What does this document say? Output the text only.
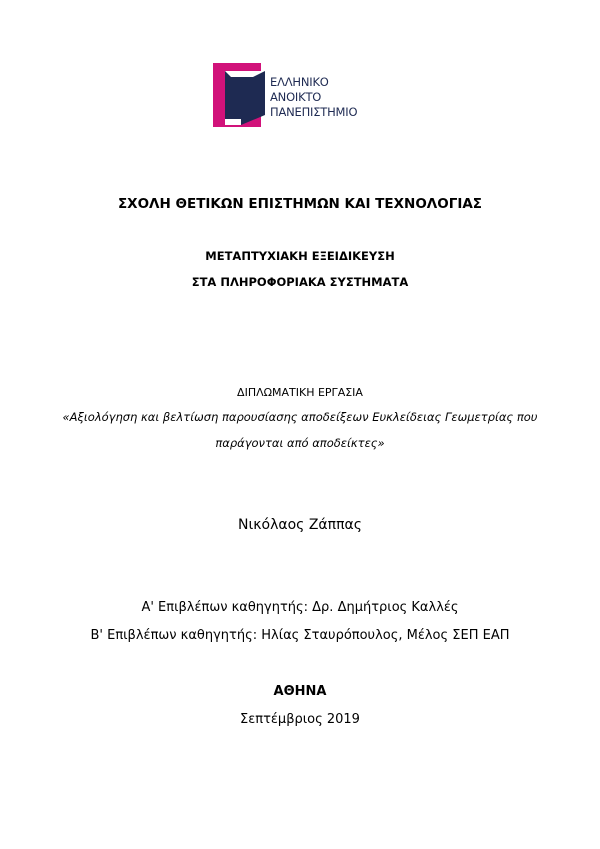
ΕΛΛΗΝΙΚΟ
ΑΝΟΙΚΤΟ
ΠΑΝΕΠΙΣΤΗΜΙΟ
ΣΧΟΛΗ ΘΕΤΙΚΩΝ ΕΠΙΣΤΗΜΩΝ ΚΑΙ ΤΕΧΝΟΛΟΓΙΑΣ
ΜΕΤΑΠΤΥΧΙΑΚΗ ΕΞΕΙΔΙΚΕΥΣΗ
ΣΤΑ ΠΛΗΡΟΦΟΡΙΑΚΑ ΣΥΣΤΗΜΑΤΑ
ΔΙΠΛΩΜΑΤΙΚΗ ΕΡΓΑΣΙΑ
«Αξιολόγηση και βελτίωση παρουσίασης αποδείξεων Ευκλείδειας Γεωμετρίας που
παράγονται από αποδείκτες»
Νικόλαος Ζάππας
Α' Επιβλέπων καθηγητής: Δρ. Δημήτριος Καλλές
Β' Επιβλέπων καθηγητής: Ηλίας Σταυρόπουλος, Μέλος ΣΕΠ ΕΑΠ
ΑΘΗΝΑ
Σεπτέμβριος 2019
